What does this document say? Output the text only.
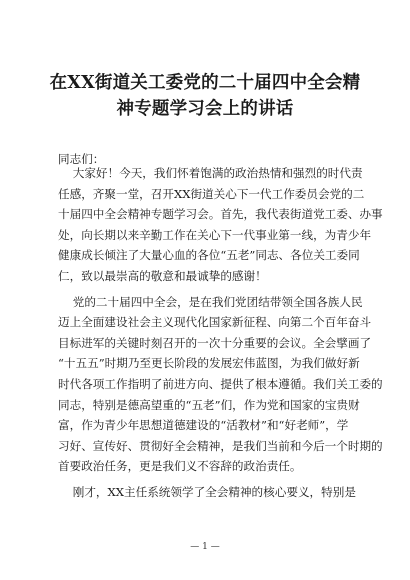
在XX街道关工委党的二十届四中全会精
神专题学习会上的讲话
同志们：
大家好！今天，我们怀着饱满的政治热情和强烈的时代责
任感，齐聚一堂，召开XX街道关心下一代工作委员会党的二
十届四中全会精神专题学习会。首先，我代表街道党工委、办事
处，向长期以来辛勤工作在关心下一代事业第一线，为青少年
健康成长倾注了大量心血的各位“五老”同志、各位关工委同
仁，致以最崇高的敬意和最诚挚的感谢！
党的二十届四中全会，是在我们党团结带领全国各族人民
迈上全面建设社会主义现代化国家新征程、向第二个百年奋斗
目标进军的关键时刻召开的一次十分重要的会议。全会擘画了
“十五五”时期乃至更长阶段的发展宏伟蓝图，为我们做好新
时代各项工作指明了前进方向、提供了根本遵循。我们关工委的
同志，特别是德高望重的“五老”们，作为党和国家的宝贵财
富，作为青少年思想道德建设的“活教材”和“好老师”，学
习好、宣传好、贯彻好全会精神，是我们当前和今后一个时期的
首要政治任务，更是我们义不容辞的政治责任。
刚才，XX主任系统领学了全会精神的核心要义，特别是
— 1 —
